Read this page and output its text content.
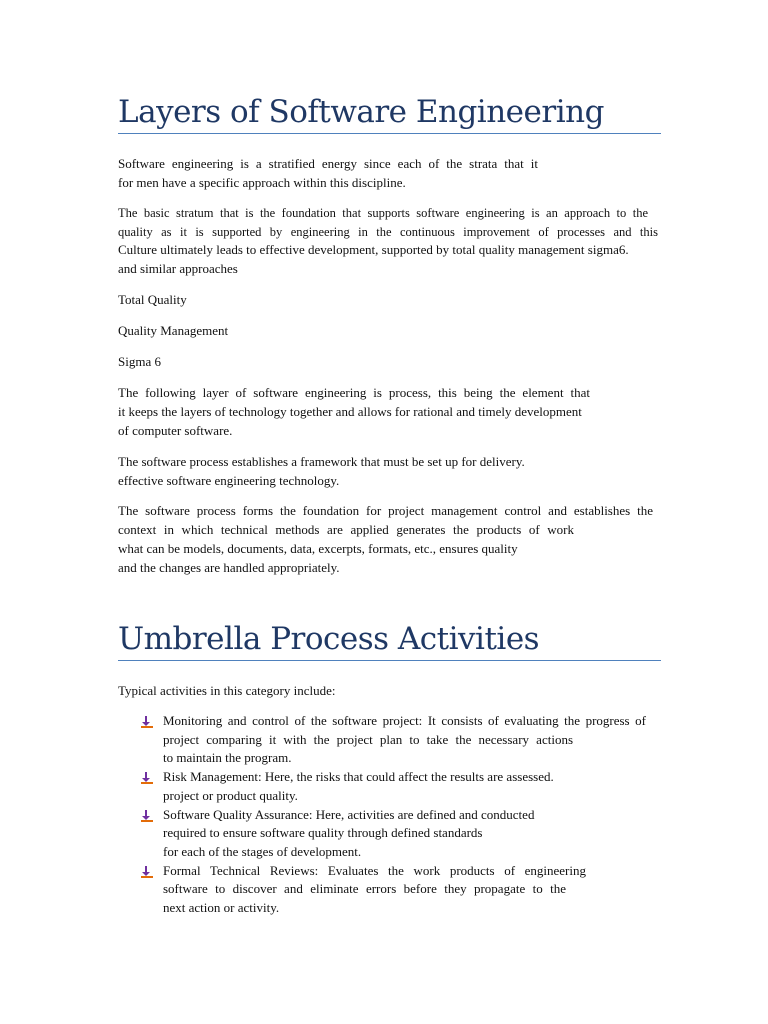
Layers of Software Engineering
Software engineering is a stratified energy since each of the strata that it
for men have a specific approach within this discipline.
The basic stratum that is the foundation that supports software engineering is an approach to the
quality as it is supported by engineering in the continuous improvement of processes and this
Culture ultimately leads to effective development, supported by total quality management sigma6.
and similar approaches
Total Quality
Quality Management
Sigma 6
The following layer of software engineering is process, this being the element that
it keeps the layers of technology together and allows for rational and timely development
of computer software.
The software process establishes a framework that must be set up for delivery.
effective software engineering technology.
The software process forms the foundation for project management control and establishes the
context in which technical methods are applied generates the products of work
what can be models, documents, data, excerpts, formats, etc., ensures quality
and the changes are handled appropriately.
Umbrella Process Activities
Typical activities in this category include:
Monitoring and control of the software project: It consists of evaluating the progress of
project comparing it with the project plan to take the necessary actions
to maintain the program.
Risk Management: Here, the risks that could affect the results are assessed.
project or product quality.
Software Quality Assurance: Here, activities are defined and conducted
required to ensure software quality through defined standards
for each of the stages of development.
Formal Technical Reviews: Evaluates the work products of engineering
software to discover and eliminate errors before they propagate to the
next action or activity.
